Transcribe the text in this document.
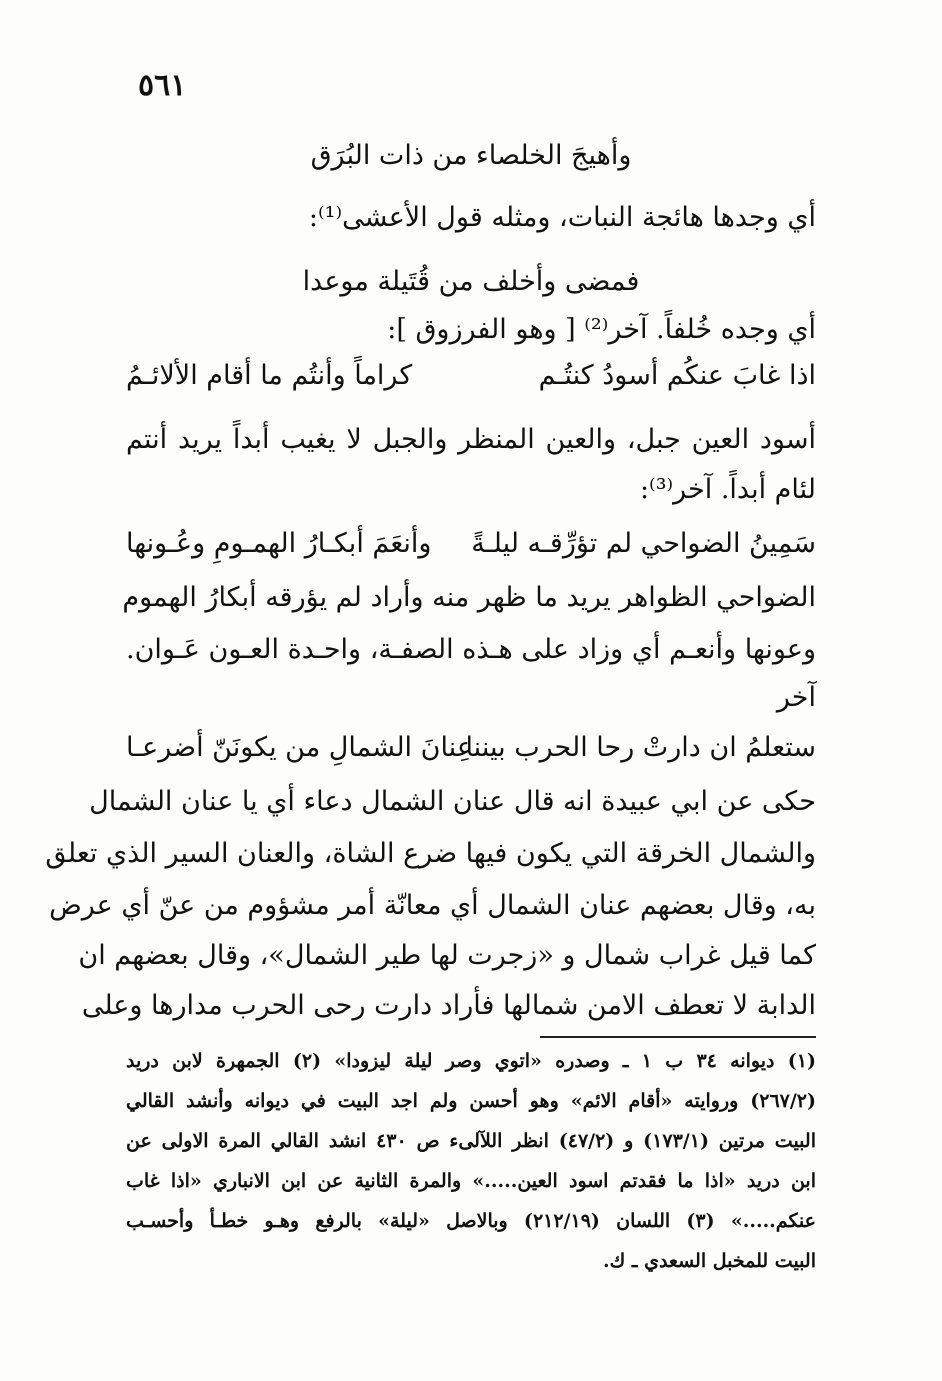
٥٦١
وأهيجَ الخلصاء من ذات البُرَق
أي وجدها هائجة النبات، ومثله قول الأعشى⁽¹⁾:
فمضى وأخلف من قُتَيلة موعدا
أي وجده خُلفاً. آخر⁽²⁾ [ وهو الفرزوق ]:
اذا غابَ عنكُم أسودُ كنتُـم
كراماً وأنتُم ما أقام الألائـمُ
أسود العين جبل، والعين المنظر والجبل لا يغيب أبداً يريد أنتم
لئام أبداً. آخر⁽³⁾:
سَمِينُ الضواحي لم تؤرِّقـه ليلـةً
وأنعَمَ أبكـارُ الهمـومِ وعُـونها
الضواحي الظواهر يريد ما ظهر منه وأراد لم يؤرقه أبكارُ الهموم
وعونها وأنعـم أي وزاد على هـذه الصفـة، واحـدة العـون عَـوان.
آخر
ستعلمُ ان دارتْ رحا الحرب بيننا
عِنانَ الشمالِ من يكونَنّ أضرعـا
حكى عن ابي عبيدة انه قال عنان الشمال دعاء أي يا عنان الشمال
والشمال الخرقة التي يكون فيها ضرع الشاة، والعنان السير الذي تعلق
به، وقال بعضهم عنان الشمال أي معانّة أمر مشؤوم من عنّ أي عرض
كما قيل غراب شمال و «زجرت لها طير الشمال»، وقال بعضهم ان
الدابة لا تعطف الامن شمالها فأراد دارت رحى الحرب مدارها وعلى
(١) ديوانه ٣٤ ب ١ ـ وصدره «اتوي وصر ليلة ليزودا» (٢) الجمهرة لابن دريد
(٢٦٧/٢) وروايته «أقام الائم» وهو أحسن ولم اجد البيت في ديوانه وأنشد القالي
البيت مرتين (١٧٣/١) و (٤٧/٢) انظر اللآلىء ص ٤٣٠ انشد القالي المرة الاولى عن
ابن دريد «اذا ما فقدتم اسود العين.....» والمرة الثانية عن ابن الانباري «اذا غاب
عنكم.....» (٣) اللسان (٢١٢/١٩) وبالاصل «ليلة» بالرفع وهـو خطـأ وأحسـب
البيت للمخبل السعدي ـ ك.
